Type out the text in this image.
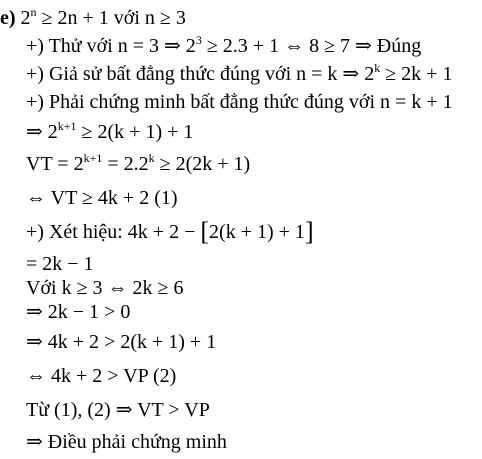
e) $2^n \ge 2n + 1$ với n ≥ 3
+) Thử với n = 3 ⇒ $2^3 \ge 2.3 + 1$ ⇔ 8 ≥ 7 ⇒ Đúng
+) Giả sử bất đẳng thức đúng với n = k ⇒ $2^k \ge 2k + 1$
+) Phải chứng minh bất đẳng thức đúng với n = k + 1
⇒ $2^{k+1} \ge 2(k + 1) + 1$
VT = $2^{k+1} = 2.2^k \ge 2(2k + 1)$
⇔ VT ≥ 4k + 2 (1)
+) Xét hiệu: 4k + 2 − [2(k + 1) + 1]
= 2k − 1
Với k ≥ 3 ⇔ 2k ≥ 6
⇒ 2k − 1 > 0
⇒ 4k + 2 > 2(k + 1) + 1
⇔ 4k + 2 > VP (2)
Từ (1), (2) ⇒ VT > VP
⇒ Điều phải chứng minh
